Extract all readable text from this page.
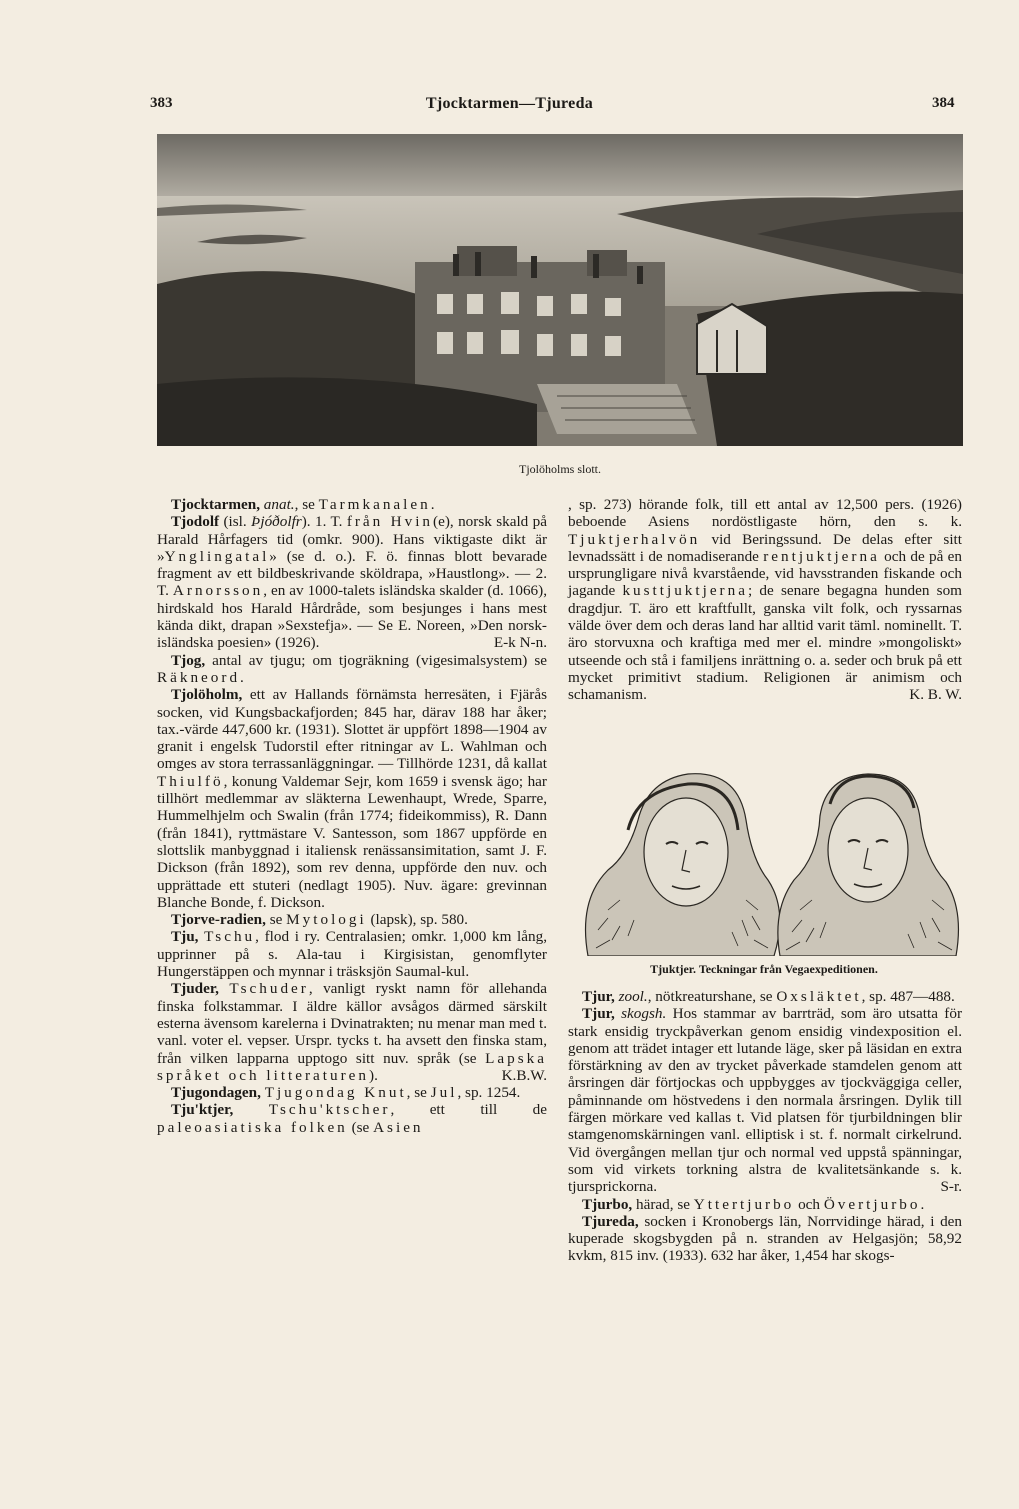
383	Tjocktarmen—Tjureda	384
Tjolöholms slott.

Tjocktarmen, anat., se Tarmkanalen.

Tjodolf (isl. Þjóðolfr). 1. T. från Hvin(e), norsk skald på Harald Hårfagers tid (omkr. 900). Hans viktigaste dikt är »Ynglingatal» (se d. o.). F. ö. finnas blott bevarade fragment av ett bildbeskrivande sköldrapa, »Haustlong». — 2. T. Arnorsson, en av 1000-talets isländska skalder (d. 1066), hirdskald hos Harald Hårdråde, som besjunges i hans mest kända dikt, drapan »Sexstefja». — Se E. Noreen, »Den norsk-isländska poesien» (1926).	E-k N-n.

Tjog, antal av tjugu; om tjogräkning (vigesimalsystem) se Räkneord.

Tjolöholm, ett av Hallands förnämsta herresäten, i Fjärås socken, vid Kungsbackafjorden; 845 har, därav 188 har åker; tax.-värde 447,600 kr. (1931). Slottet är uppfört 1898—1904 av granit i engelsk Tudorstil efter ritningar av L. Wahlman och omges av stora terrassanläggningar. — Tillhörde 1231, då kallat Thiulfö, konung Valdemar Sejr, kom 1659 i svensk ägo; har tillhört medlemmar av släkterna Lewenhaupt, Wrede, Sparre, Hummelhjelm och Swalin (från 1774; fideikommiss), R. Dann (från 1841), ryttmästare V. Santesson, som 1867 uppförde en slottslik manbyggnad i italiensk renässansimitation, samt J. F. Dickson (från 1892), som rev denna, uppförde den nuv. och upprättade ett stuteri (nedlagt 1905). Nuv. ägare: grevinnan Blanche Bonde, f. Dickson.

Tjorve-radien, se Mytologi (lapsk), sp. 580.

Tju, Tschu, flod i ry. Centralasien; omkr. 1,000 km lång, upprinner på s. Ala-tau i Kirgisistan, genomflyter Hungerstäppen och mynnar i träsksjön Saumal-kul.

Tjuder, Tschuder, vanligt ryskt namn för allehanda finska folkstammar. I äldre källor avsågos därmed särskilt esterna ävensom karelerna i Dvinatrakten; nu menar man med t. vanl. voter el. vepser. Urspr. tycks t. ha avsett den finska stam, från vilken lapparna upptogo sitt nuv. språk (se Lapska språket och litteraturen).	K.B.W.

Tjugondagen, Tjugondag Knut, se Jul, sp. 1254.

Tju'ktjer, Tschu'ktscher, ett till de paleoasiatiska folken (se Asien

, sp. 273) hörande folk, till ett antal av 12,500 pers. (1926) beboende Asiens nordöstligaste hörn, den s. k. Tjuktjerhalvön vid Beringssund. De delas efter sitt levnadssätt i de nomadiserande rentjuktjerna och de på en ursprungligare nivå kvarstående, vid havsstranden fiskande och jagande kusttjuktjerna; de senare begagna hunden som dragdjur. T. äro ett kraftfullt, ganska vilt folk, och ryssarnas välde över dem och deras land har alltid varit täml. nominellt. T. äro storvuxna och kraftiga med mer el. mindre »mongoliskt» utseende och stå i familjens inrättning o. a. seder och bruk på ett mycket primitivt stadium. Religionen är animism och schamanism.	K. B. W.

Tjuktjer. Teckningar från Vegaexpeditionen.

Tjur, zool., nötkreaturshane, se Oxsläktet, sp. 487—488.

Tjur, skogsh. Hos stammar av barrträd, som äro utsatta för stark ensidig tryckpåverkan genom ensidig vindexposition el. genom att trädet intager ett lutande läge, sker på läsidan en extra förstärkning av den av trycket påverkade stamdelen genom att årsringen där förtjockas och uppbygges av tjockväggiga celler, påminnande om höstvedens i den normala årsringen. Dylik till färgen mörkare ved kallas t. Vid platsen för tjurbildningen blir stamgenomskärningen vanl. elliptisk i st. f. normalt cirkelrund. Vid övergången mellan tjur och normal ved uppstå spänningar, som vid virkets torkning alstra de kvalitetsänkande s. k. tjursprickorna.	S-r.

Tjurbo, härad, se Yttertjurbo och Övertjurbo.

Tjureda, socken i Kronobergs län, Norrvidinge härad, i den kuperade skogsbygden på n. stranden av Helgasjön; 58,92 kvkm, 815 inv. (1933). 632 har åker, 1,454 har skogs-
